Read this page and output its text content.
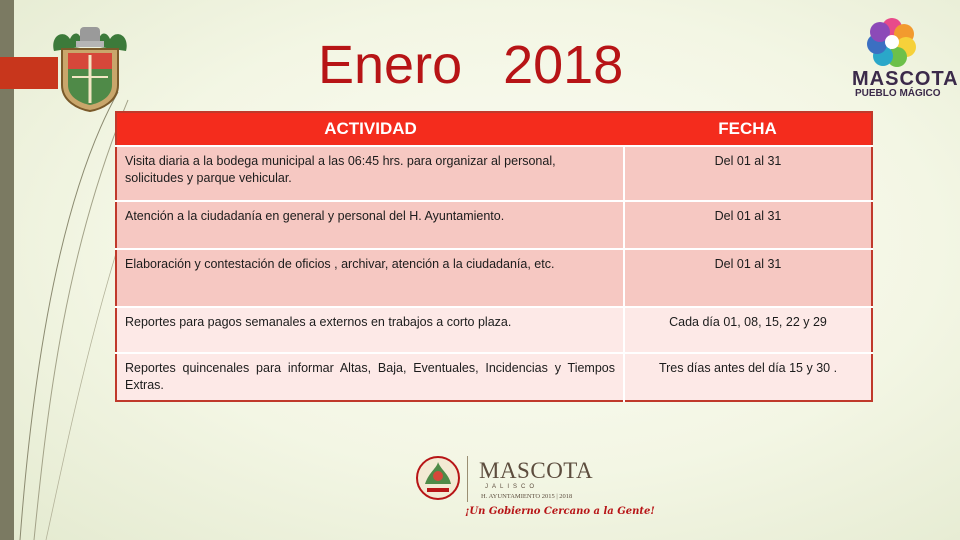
Enero 2018	MASCOTA
PUEBLO MÁGICO
ACTIVIDAD	FECHA
Visita diaria a la bodega municipal a las 06:45 hrs. para organizar al personal, solicitudes y parque vehicular.	Del 01 al 31
Atención a la ciudadanía en general y personal del H. Ayuntamiento.	Del 01 al 31
Elaboración y contestación de oficios , archivar, atención a la ciudadanía, etc.	Del 01 al 31
Reportes para pagos semanales a externos en trabajos a corto plaza.	Cada día 01, 08, 15, 22 y 29
Reportes quincenales para informar Altas, Baja, Eventuales, Incidencias y Tiempos Extras.	Tres días antes del día 15 y 30 .
MASCOTA
JALISCO
H. AYUNTAMIENTO 2015 | 2018
¡Un Gobierno Cercano a la Gente!
